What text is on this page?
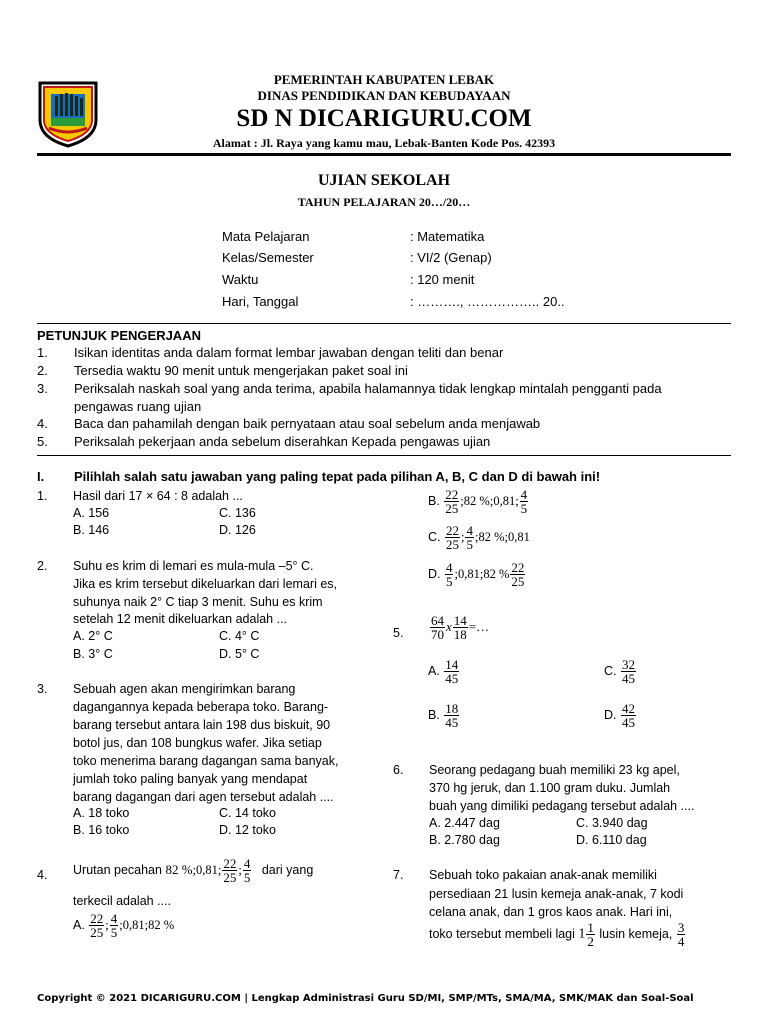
PEMERINTAH KABUPATEN LEBAK
DINAS PENDIDIKAN DAN KEBUDAYAAN
SD N DICARIGURU.COM
Alamat : Jl. Raya yang kamu mau, Lebak-Banten Kode Pos. 42393
UJIAN SEKOLAH
TAHUN PELAJARAN 20…/20…
Mata Pelajaran	: Matematika
Kelas/Semester	: VI/2 (Genap)
Waktu	: 120 menit
Hari, Tanggal	: ………., …………….. 20..
PETUNJUK PENGERJAAN
1. Isikan identitas anda dalam format lembar jawaban dengan teliti dan benar
2. Tersedia waktu 90 menit untuk mengerjakan paket soal ini
3. Periksalah naskah soal yang anda terima, apabila halamannya tidak lengkap mintalah pengganti pada
pengawas ruang ujian
4. Baca dan pahamilah dengan baik pernyataan atau soal sebelum anda menjawab
5. Periksalah pekerjaan anda sebelum diserahkan Kepada pengawas ujian
I. Pilihlah salah satu jawaban yang paling tepat pada pilihan A, B, C dan D di bawah ini!
1. Hasil dari 17 × 64 : 8 adalah ...
A. 156	C. 136
B. 146	D. 126
2. Suhu es krim di lemari es mula-mula –5° C.
Jika es krim tersebut dikeluarkan dari lemari es,
suhunya naik 2° C tiap 3 menit. Suhu es krim
setelah 12 menit dikeluarkan adalah ...
A. 2° C	C. 4° C
B. 3° C	D. 5° C
3. Sebuah agen akan mengirimkan barang
dagangannya kepada beberapa toko. Barang-
barang tersebut antara lain 198 dus biskuit, 90
botol jus, dan 108 bungkus wafer. Jika setiap
toko menerima barang dagangan sama banyak,
jumlah toko paling banyak yang mendapat
barang dagangan dari agen tersebut adalah ....
A. 18 toko	C. 14 toko
B. 16 toko	D. 12 toko
4. Urutan pecahan 82 %;0,81; $\frac{22}{25}$ ; $\frac{4}{5}$ dari yang
terkecil adalah ....
A. $\frac{22}{25}$ ; $\frac{4}{5}$ ;0,81;82 %
B. $\frac{22}{25}$ ;82 %;0,81; $\frac{4}{5}$
C. $\frac{22}{25}$ ; $\frac{4}{5}$ ;82 %;0,81
D. $\frac{4}{5}$ ;0,81;82 % $\frac{22}{25}$
5. $\frac{64}{70}$ x $\frac{14}{18}$ =…
A. $\frac{14}{45}$	C. $\frac{32}{45}$
B. $\frac{18}{45}$	D. $\frac{42}{45}$
6. Seorang pedagang buah memiliki 23 kg apel,
370 hg jeruk, dan 1.100 gram duku. Jumlah
buah yang dimiliki pedagang tersebut adalah ....
A. 2.447 dag	C. 3.940 dag
B. 2.780 dag	D. 6.110 dag
7. Sebuah toko pakaian anak-anak memiliki
persediaan 21 lusin kemeja anak-anak, 7 kodi
celana anak, dan 1 gros kaos anak. Hari ini,
toko tersebut membeli lagi $1 \frac{1}{2}$ lusin kemeja, $\frac{3}{4}$
Copyright © 2021 DICARIGURU.COM | Lengkap Administrasi Guru SD/MI, SMP/MTs, SMA/MA, SMK/MAK dan Soal-Soal
